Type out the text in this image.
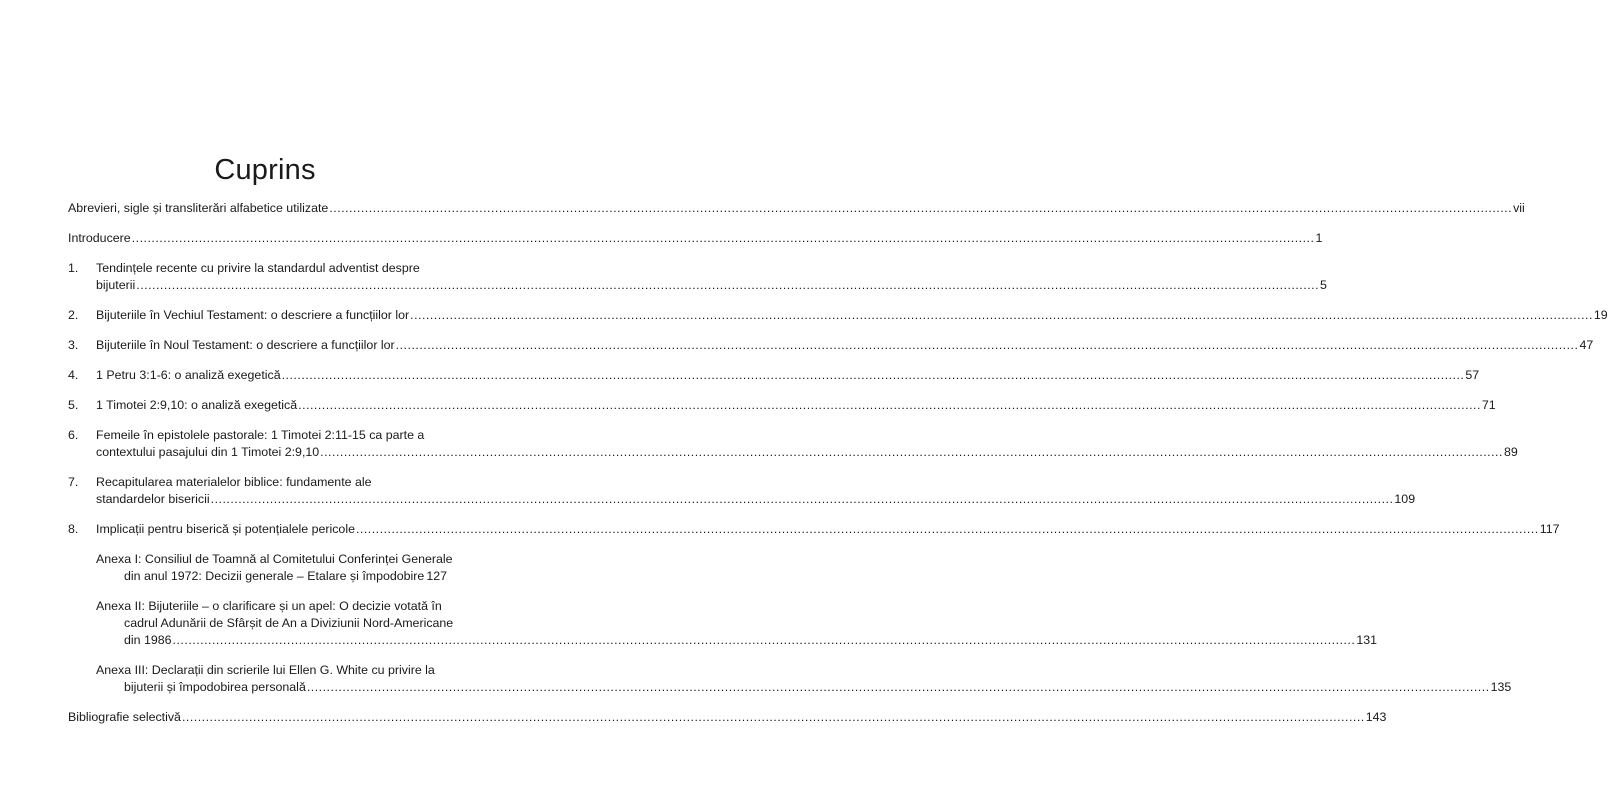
Cuprins
Abrevieri, sigle și transliterări alfabetice utilizate ............................................................................................................................................................................................................................................................................................................ vii
Introducere ............................................................................................................................................................................................................................................................................................................ 1
1. Tendințele recente cu privire la standardul adventist despre
bijuterii ............................................................................................................................................................................................................................................................................................................ 5
2. Bijuteriile în Vechiul Testament: o descriere a funcțiilor lor ............................................................................................................................................................................................................................................................................................................ 19
3. Bijuteriile în Noul Testament: o descriere a funcțiilor lor ............................................................................................................................................................................................................................................................................................................ 47
4. 1 Petru 3:1-6: o analiză exegetică ............................................................................................................................................................................................................................................................................................................ 57
5. 1 Timotei 2:9,10: o analiză exegetică ............................................................................................................................................................................................................................................................................................................ 71
6. Femeile în epistolele pastorale: 1 Timotei 2:11-15 ca parte a
contextului pasajului din 1 Timotei 2:9,10 ............................................................................................................................................................................................................................................................................................................ 89
7. Recapitularea materialelor biblice: fundamente ale
standardelor bisericii ............................................................................................................................................................................................................................................................................................................ 109
8. Implicații pentru biserică și potențialele pericole ............................................................................................................................................................................................................................................................................................................ 117
Anexa I: Consiliul de Toamnă al Comitetului Conferinței Generale
din anul 1972: Decizii generale – Etalare și împodobire 127
Anexa II: Bijuteriile – o clarificare și un apel: O decizie votată în
cadrul Adunării de Sfârșit de An a Diviziunii Nord-Americane
din 1986 ............................................................................................................................................................................................................................................................................................................ 131
Anexa III: Declarații din scrierile lui Ellen G. White cu privire la
bijuterii și împodobirea personală ............................................................................................................................................................................................................................................................................................................ 135
Bibliografie selectivă ............................................................................................................................................................................................................................................................................................................ 143
